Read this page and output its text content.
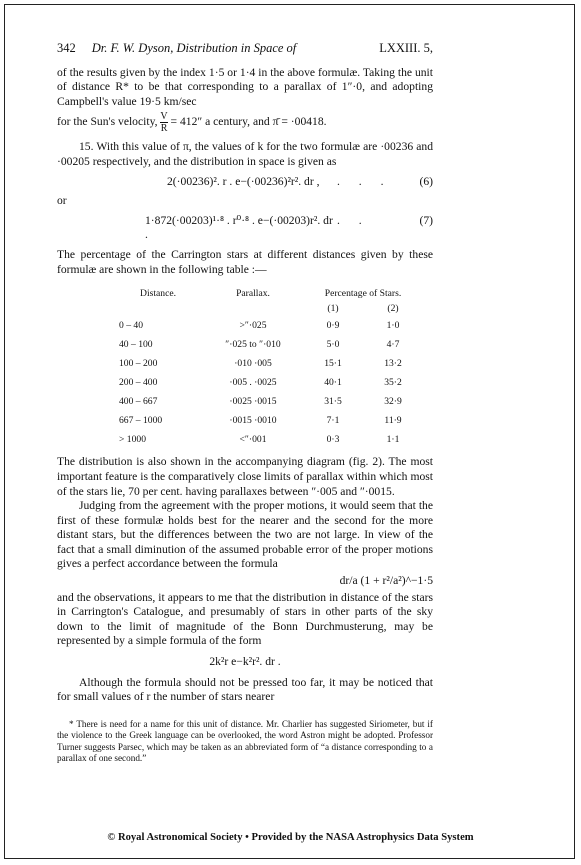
342 Dr. F. W. Dyson, Distribution in Space of	LXXIII. 5,

of the results given by the index 1·5 or 1·4 in the above formulæ. Taking the unit of distance R* to be that corresponding to a parallax of 1″·0, and adopting Campbell's value 19·5 km/sec

for the Sun's velocity, $\frac{V}{R} = 412''$ a century, and π̄ = ·00418.

15. With this value of π, the values of k for the two formulæ are ·00236 and ·00205 respectively, and the distribution in space is given as

2(·00236)². r . e−(·00236)²r². dr ,	. . .	(6)
or
1·872(·00203)¹·⁸ . r⁰·⁸ . e−(·00203)r². dr .
. .	(7)

The percentage of the Carrington stars at different distances given by these formulæ are shown in the following table :—

Distance.	Parallax.	Percentage of Stars.	
		(1)	(2)
0 – 40	>″·025	0·9	1·0
40 – 100	″·025 to ″·010	5·0	4·7
100 – 200	·010 ·005	15·1	13·2
200 – 400	·005 . ·0025	40·1	35·2
400 – 667	·0025 ·0015	31·5	32·9
667 – 1000	·0015 ·0010	7·1	11·9
> 1000	<″·001	0·3	1·1

The distribution is also shown in the accompanying diagram (fig. 2). The most important feature is the comparatively close limits of parallax within which most of the stars lie, 70 per cent. having parallaxes between ″·005 and ″·0015.

Judging from the agreement with the proper motions, it would seem that the first of these formulæ holds best for the nearer and the second for the more distant stars, but the differences between the two are not large. In view of the fact that a small diminution of the assumed probable error of the proper motions gives a perfect accordance between the formula

dr/a (1 + r²/a²)^−1·5

and the observations, it appears to me that the distribution in distance of the stars in Carrington's Catalogue, and presumably of stars in other parts of the sky down to the limit of magnitude of the Bonn Durchmusterung, may be represented by a simple formula of the form

2k²r e−k²r². dr .

Although the formula should not be pressed too far, it may be noticed that for small values of r the number of stars nearer

* There is need for a name for this unit of distance. Mr. Charlier has suggested Siriometer, but if the violence to the Greek language can be overlooked, the word Astron might be adopted. Professor Turner suggests Parsec, which may be taken as an abbreviated form of “a distance corresponding to a parallax of one second.”

© Royal Astronomical Society • Provided by the NASA Astrophysics Data System
